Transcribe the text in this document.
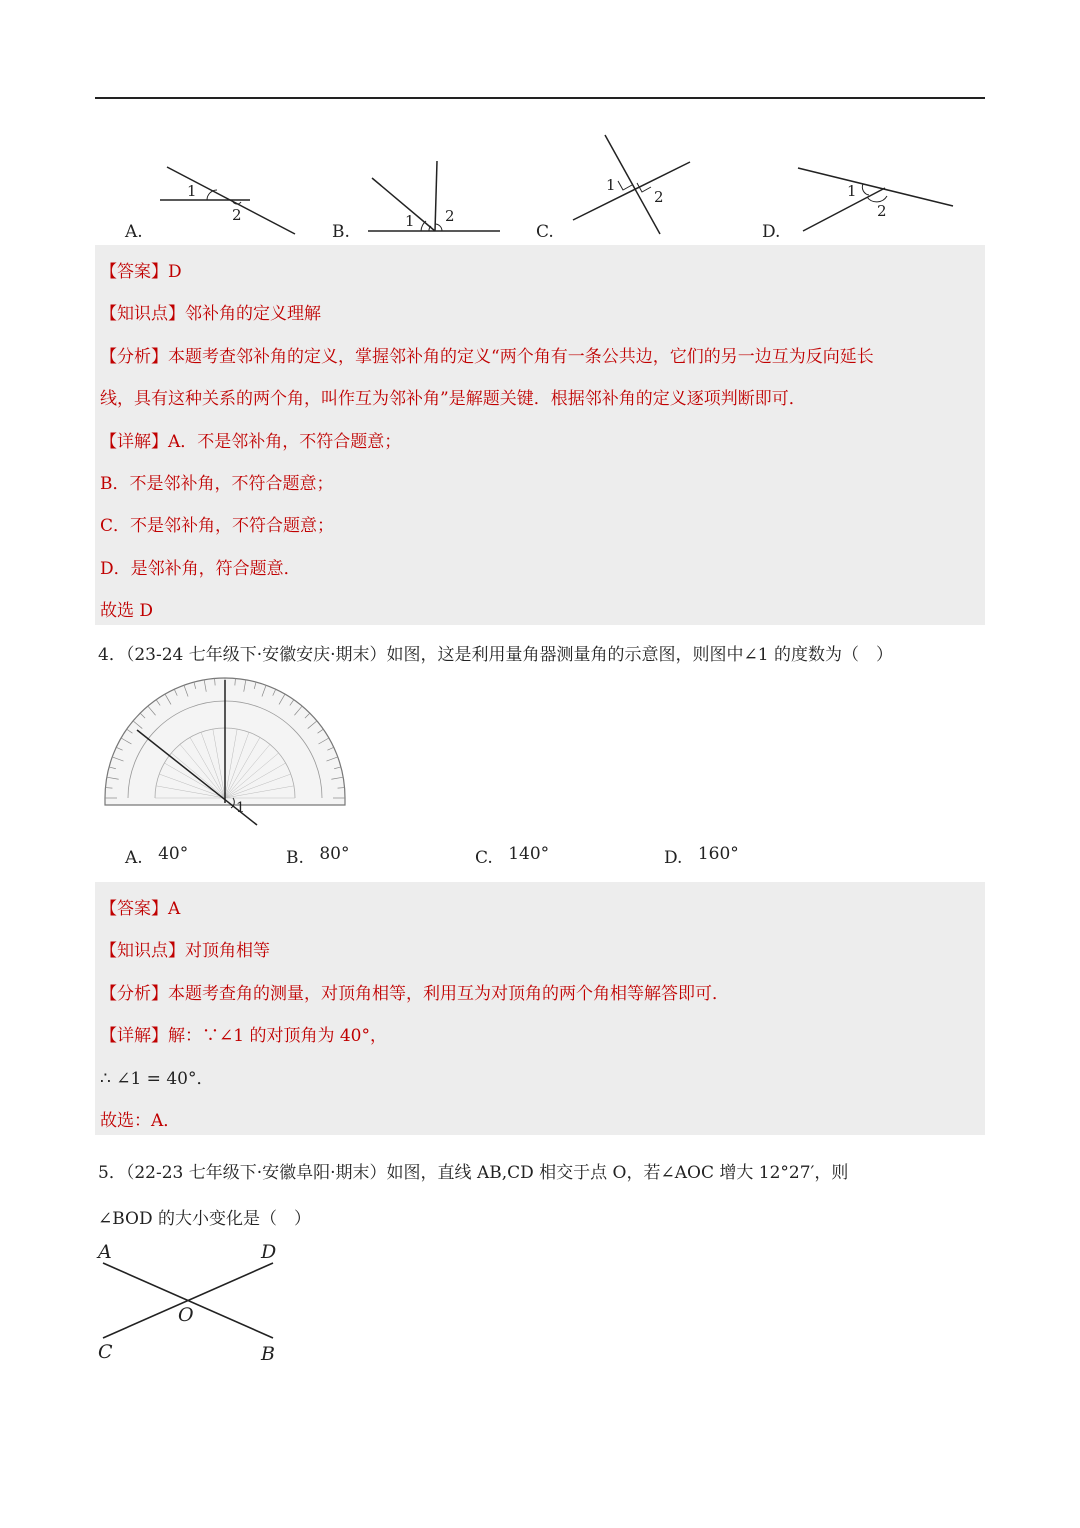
1
2
A.
1 2
B.
1
2
C.
1
2
D.
【答案】D
【知识点】邻补角的定义理解
【分析】本题考查邻补角的定义，掌握邻补角的定义“两个角有一条公共边，它们的另一边互为反向延长
线，具有这种关系的两个角，叫作互为邻补角”是解题关键．根据邻补角的定义逐项判断即可．
【详解】A．不是邻补角，不符合题意；
B．不是邻补角，不符合题意；
C．不是邻补角，不符合题意；
D．是邻补角，符合题意．
故选 D
4．（23-24 七年级下·安徽安庆·期末）如图，这是利用量角器测量角的示意图，则图中∠1 的度数为（　）
1
A. 40°	B. 80°	C. 140°	D. 160°
【答案】A
【知识点】对顶角相等
【分析】本题考查角的测量，对顶角相等，利用互为对顶角的两个角相等解答即可．
【详解】解：∵∠1 的对顶角为 40°，
∴ ∠1 = 40°．
故选：A．
5．（22-23 七年级下·安徽阜阳·期末）如图，直线 AB,CD 相交于点 O，若∠AOC 增大 12°27′，则
∠BOD 的大小变化是（　）
A	D
O
C	B
